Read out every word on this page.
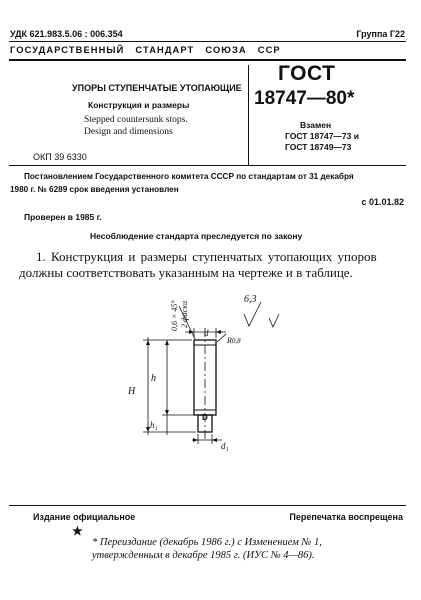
УДК 621.983.5.06 : 006.354	Группа Г22
ГОСУДАРСТВЕННЫЙ   СТАНДАРТ   СОЮЗА   ССР
УПОРЫ СТУПЕНЧАТЫЕ УТОПАЮЩИЕ
Конструкция и размеры
Stepped countersunk stops.
Design and dimensions
ГОСТ
18747—80*
Взамен
ГОСТ 18747—73 и
ГОСТ 18749—73
ОКП 39 6330
Постановлением Государственного комитета СССР по стандартам от 31 декабря
1980 г. № 6289 срок введения установлен
с 01.01.82
Проверен в 1985 г.
Несоблюдение стандарта преследуется по закону
1. Конструкция и размеры ступенчатых утопающих упоров
должны соответствовать указанным на чертеже и в таблице.
6,3
d
R0,8
H
h
h₁
D
d₁
0,6 × 45° 2 фаски
Издание официальное	Перепечатка воспрещена
★
* Переиздание (декабрь 1986 г.) с Изменением № 1,
утвержденным в декабре 1985 г. (ИУС № 4—86).
